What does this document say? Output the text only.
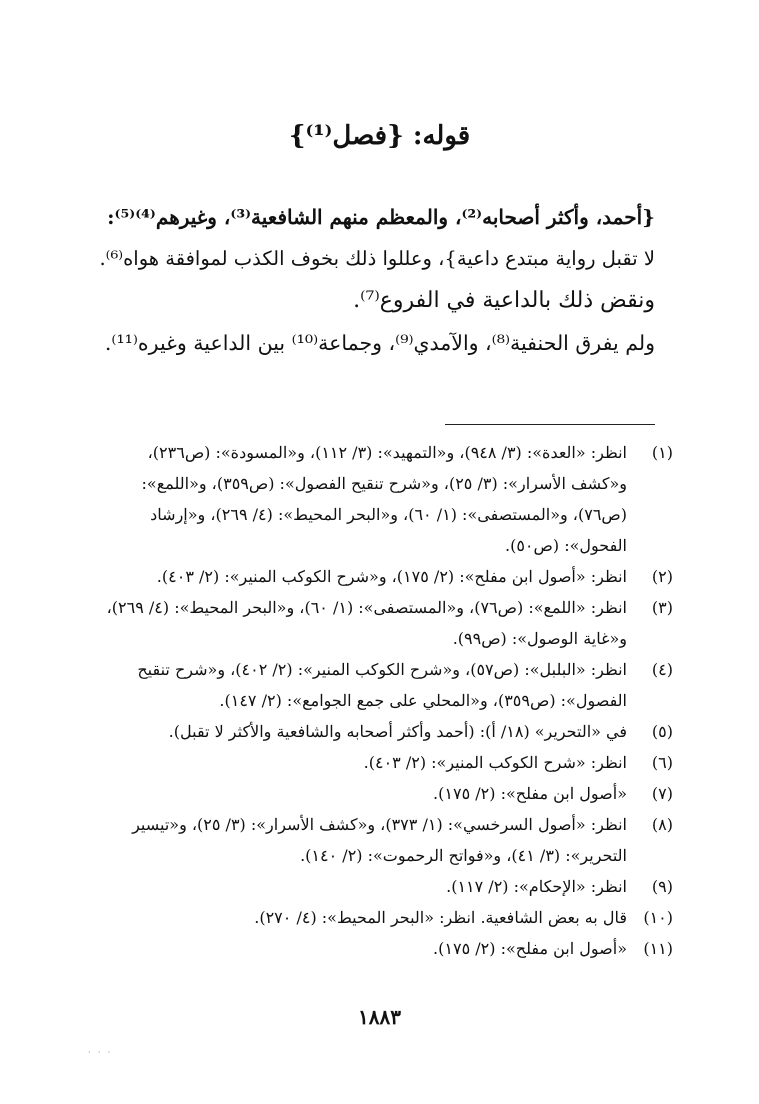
قوله: {فصل⁽¹⁾}
{أحمد، وأكثر أصحابه⁽²⁾، والمعظم منهم الشافعية⁽³⁾، وغيرهم⁽⁴⁾⁽⁵⁾:
لا تقبل رواية مبتدع داعية}، وعللوا ذلك بخوف الكذب لموافقة هواه⁽⁶⁾.
ونقض ذلك بالداعية في الفروع⁽⁷⁾.
ولم يفرق الحنفية⁽⁸⁾، والآمدي⁽⁹⁾، وجماعة⁽¹⁰⁾ بين الداعية وغيره⁽¹¹⁾.
(١)
انظر: «العدة»: (٣/ ٩٤٨)، و«التمهيد»: (٣/ ١١٢)، و«المسودة»: (ص٢٣٦)،
و«كشف الأسرار»: (٣/ ٢٥)، و«شرح تنقيح الفصول»: (ص٣٥٩)، و«اللمع»:
(ص٧٦)، و«المستصفى»: (١/ ٦٠)، و«البحر المحيط»: (٤/ ٢٦٩)، و«إرشاد
الفحول»: (ص٥٠).
(٢)
انظر: «أصول ابن مفلح»: (٢/ ١٧٥)، و«شرح الكوكب المنير»: (٢/ ٤٠٣).
(٣)
انظر: «اللمع»: (ص٧٦)، و«المستصفى»: (١/ ٦٠)، و«البحر المحيط»: (٤/ ٢٦٩)،
و«غاية الوصول»: (ص٩٩).
(٤)
انظر: «البلبل»: (ص٥٧)، و«شرح الكوكب المنير»: (٢/ ٤٠٢)، و«شرح تنقيح
الفصول»: (ص٣٥٩)، و«المحلي على جمع الجوامع»: (٢/ ١٤٧).
(٥)
في «التحرير» (١٨/ أ): (أحمد وأكثر أصحابه والشافعية والأكثر لا تقبل).
(٦)
انظر: «شرح الكوكب المنير»: (٢/ ٤٠٣).
(٧)
«أصول ابن مفلح»: (٢/ ١٧٥).
(٨)
انظر: «أصول السرخسي»: (١/ ٣٧٣)، و«كشف الأسرار»: (٣/ ٢٥)، و«تيسير
التحرير»: (٣/ ٤١)، و«فواتح الرحموت»: (٢/ ١٤٠).
(٩)
انظر: «الإحكام»: (٢/ ١١٧).
(١٠)
قال به بعض الشافعية. انظر: «البحر المحيط»: (٤/ ٢٧٠).
(١١)
«أصول ابن مفلح»: (٢/ ١٧٥).
١٨٨٣
· · ·
